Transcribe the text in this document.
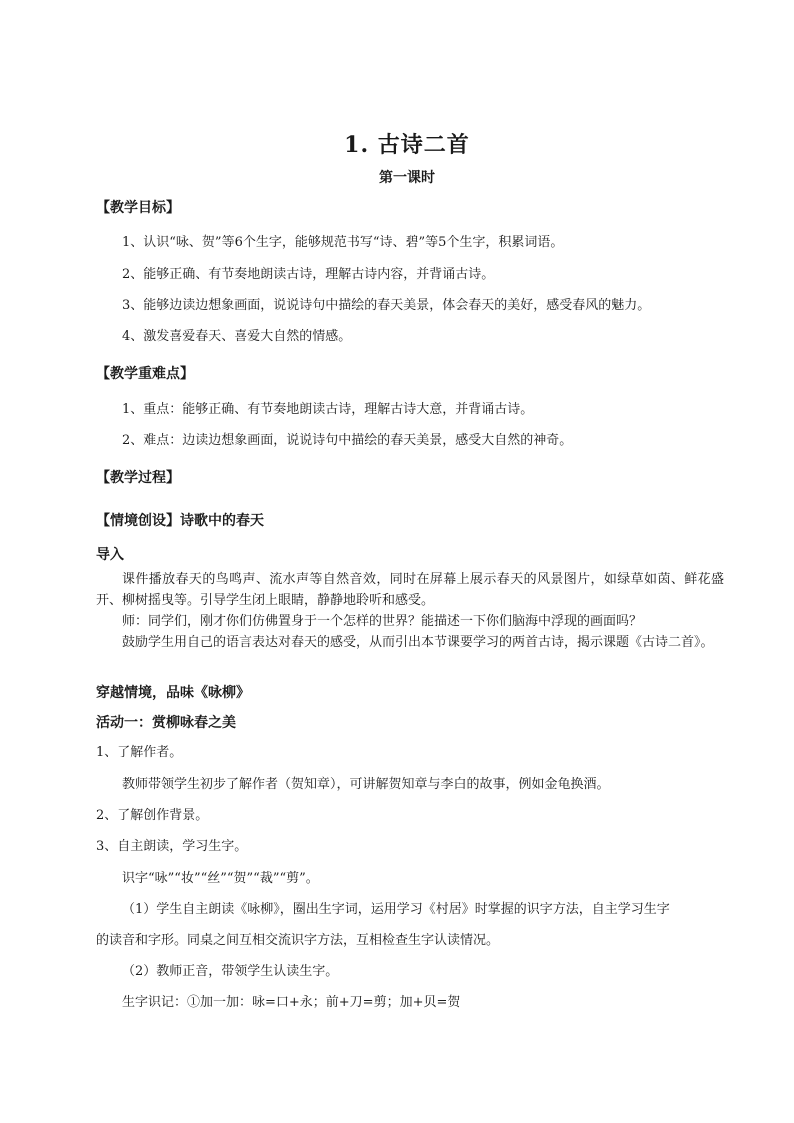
1. 古诗二首
第一课时
【教学目标】
1、认识“咏、贺”等6个生字，能够规范书写“诗、碧”等5个生字，积累词语。
2、能够正确、有节奏地朗读古诗，理解古诗内容，并背诵古诗。
3、能够边读边想象画面，说说诗句中描绘的春天美景，体会春天的美好，感受春风的魅力。
4、激发喜爱春天、喜爱大自然的情感。
【教学重难点】
1、重点：能够正确、有节奏地朗读古诗，理解古诗大意，并背诵古诗。
2、难点：边读边想象画面，说说诗句中描绘的春天美景，感受大自然的神奇。
【教学过程】
【情境创设】诗歌中的春天
导入
课件播放春天的鸟鸣声、流水声等自然音效，同时在屏幕上展示春天的风景图片，如绿草如茵、鲜花盛开、柳树摇曳等。引导学生闭上眼睛，静静地聆听和感受。
师：同学们，刚才你们仿佛置身于一个怎样的世界？能描述一下你们脑海中浮现的画面吗？
鼓励学生用自己的语言表达对春天的感受，从而引出本节课要学习的两首古诗，揭示课题《古诗二首》。
穿越情境，品味《咏柳》
活动一：赏柳咏春之美
1、了解作者。
教师带领学生初步了解作者（贺知章），可讲解贺知章与李白的故事，例如金龟换酒。
2、了解创作背景。
3、自主朗读，学习生字。
识字“咏”“妆”“丝”“贺”“裁”“剪”。
（1）学生自主朗读《咏柳》，圈出生字词，运用学习《村居》时掌握的识字方法，自主学习生字
的读音和字形。同桌之间互相交流识字方法，互相检查生字认读情况。
（2）教师正音，带领学生认读生字。
生字识记：①加一加：咏=口+永；前+刀=剪；加+贝=贺
